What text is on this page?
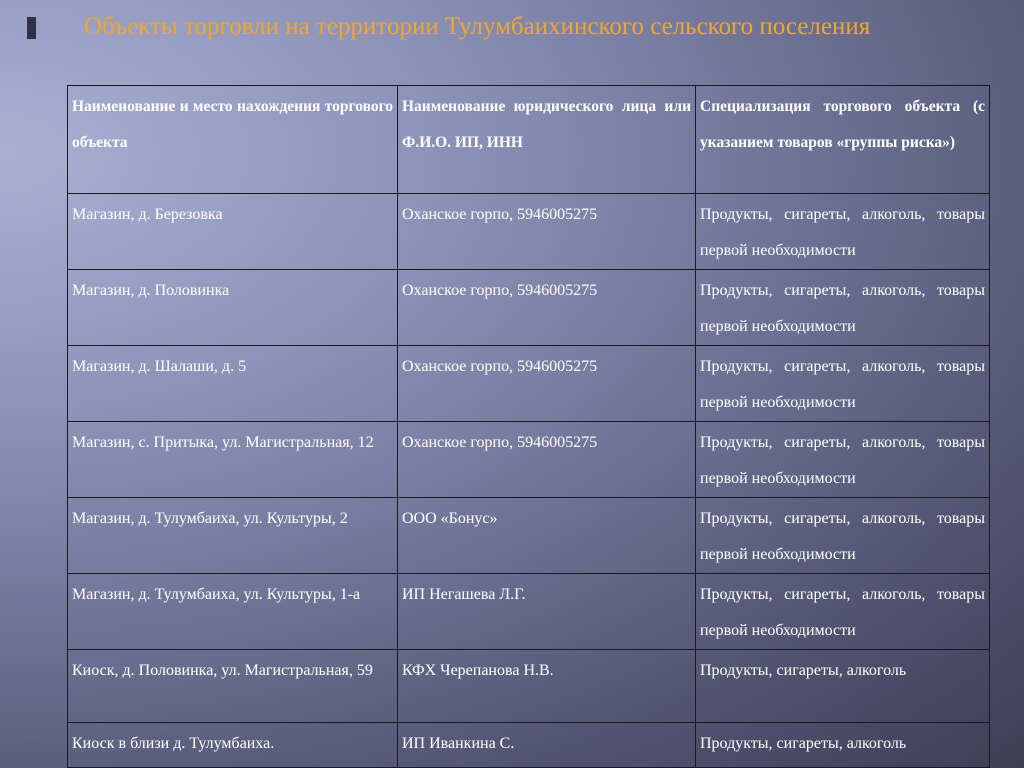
Объекты торговли на территории Тулумбаихинского сельского поселения
Наименование и место нахождения торгового объекта	Наименование юридического лица или Ф.И.О. ИП, ИНН	Специализация торгового объекта (с указанием товаров «группы риска»)
Магазин, д. Березовка	Оханское горпо, 5946005275	Продукты, сигареты, алкоголь, товары первой необходимости
Магазин, д. Половинка	Оханское горпо, 5946005275	Продукты, сигареты, алкоголь, товары первой необходимости
Магазин, д. Шалаши, д. 5	Оханское горпо, 5946005275	Продукты, сигареты, алкоголь, товары первой необходимости
Магазин, с. Притыка, ул. Магистральная, 12	Оханское горпо, 5946005275	Продукты, сигареты, алкоголь, товары первой необходимости
Магазин, д. Тулумбаиха, ул. Культуры, 2	ООО «Бонус»	Продукты, сигареты, алкоголь, товары первой необходимости
Магазин, д. Тулумбаиха, ул. Культуры, 1-а	ИП Негашева Л.Г.	Продукты, сигареты, алкоголь, товары первой необходимости
Киоск, д. Половинка, ул. Магистральная, 59	КФХ Черепанова Н.В.	Продукты, сигареты, алкоголь
Киоск в близи д. Тулумбаиха.	ИП Иванкина С.	Продукты, сигареты, алкоголь
